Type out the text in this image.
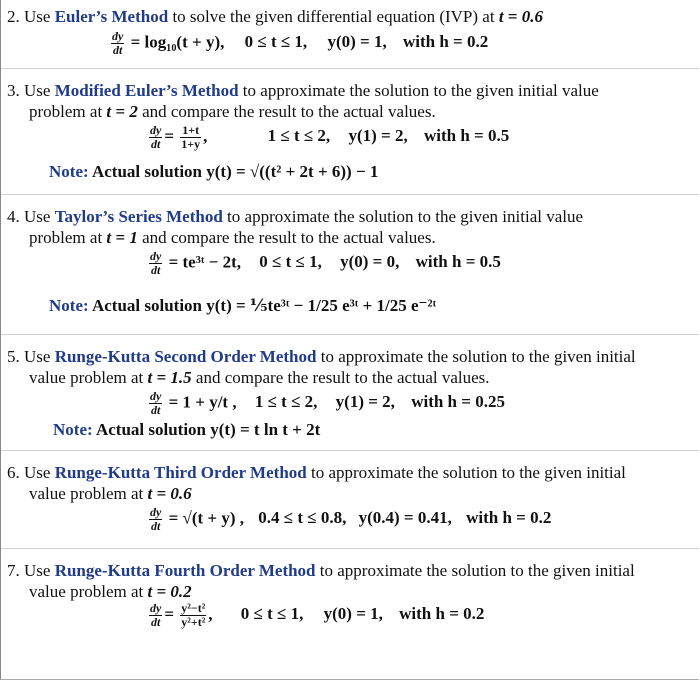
2. Use Euler’s Method to solve the given differential equation (IVP) at t = 0.6
$\frac{dy}{dt} = \log_{10}(t + y)$, 0 ≤ t ≤ 1, y(0) = 1, with h = 0.2
3. Use Modified Euler’s Method to approximate the solution to the given initial value
problem at t = 2 and compare the result to the actual values.
$\frac{dy}{dt} = \frac{1+t}{1+y}$ ,	1 ≤ t ≤ 2, y(1) = 2, with h = 0.5
Note: Actual solution y(t) = √((t² + 2t + 6)) − 1
4. Use Taylor’s Series Method to approximate the solution to the given initial value
problem at t = 1 and compare the result to the actual values.
$\frac{dy}{dt}$ = te³ᵗ − 2t, 0 ≤ t ≤ 1, y(0) = 0, with h = 0.5
Note: Actual solution y(t) = ⅕te³ᵗ − 1/25 e³ᵗ + 1/25 e⁻²ᵗ
5. Use Runge-Kutta Second Order Method to approximate the solution to the given initial
value problem at t = 1.5 and compare the result to the actual values.
$\frac{dy}{dt} = 1 + y/t$ , 1 ≤ t ≤ 2, y(1) = 2, with h = 0.25
Note: Actual solution y(t) = t ln t + 2t
6. Use Runge-Kutta Third Order Method to approximate the solution to the given initial
value problem at t = 0.6
$\frac{dy}{dt} = √(t + y)$ , 0.4 ≤ t ≤ 0.8, y(0.4) = 0.41, with h = 0.2
7. Use Runge-Kutta Fourth Order Method to approximate the solution to the given initial
value problem at t = 0.2
$\frac{dy}{dt} = \frac{\text{y²−t²}}{\text{y²+t²}}$ , 0 ≤ t ≤ 1, y(0) = 1, with h = 0.2
